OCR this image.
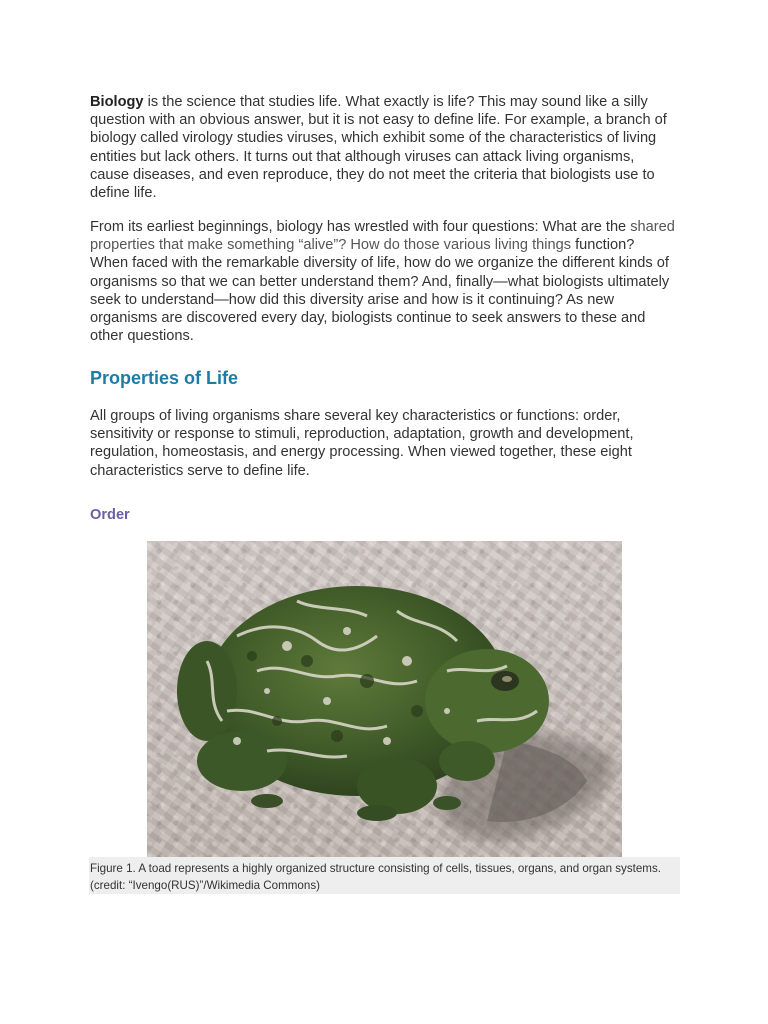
Biology is the science that studies life. What exactly is life? This may sound like a silly question with an obvious answer, but it is not easy to define life. For example, a branch of biology called virology studies viruses, which exhibit some of the characteristics of living entities but lack others. It turns out that although viruses can attack living organisms, cause diseases, and even reproduce, they do not meet the criteria that biologists use to define life.

From its earliest beginnings, biology has wrestled with four questions: What are the shared properties that make something “alive”? How do those various living things function? When faced with the remarkable diversity of life, how do we organize the different kinds of organisms so that we can better understand them? And, finally—what biologists ultimately seek to understand—how did this diversity arise and how is it continuing? As new organisms are discovered every day, biologists continue to seek answers to these and other questions.

Properties of Life

All groups of living organisms share several key characteristics or functions: order, sensitivity or response to stimuli, reproduction, adaptation, growth and development, regulation, homeostasis, and energy processing. When viewed together, these eight characteristics serve to define life.

Order

Figure 1. A toad represents a highly organized structure consisting of cells, tissues, organs, and organ systems.
(credit: “Ivengo(RUS)”/Wikimedia Commons)
